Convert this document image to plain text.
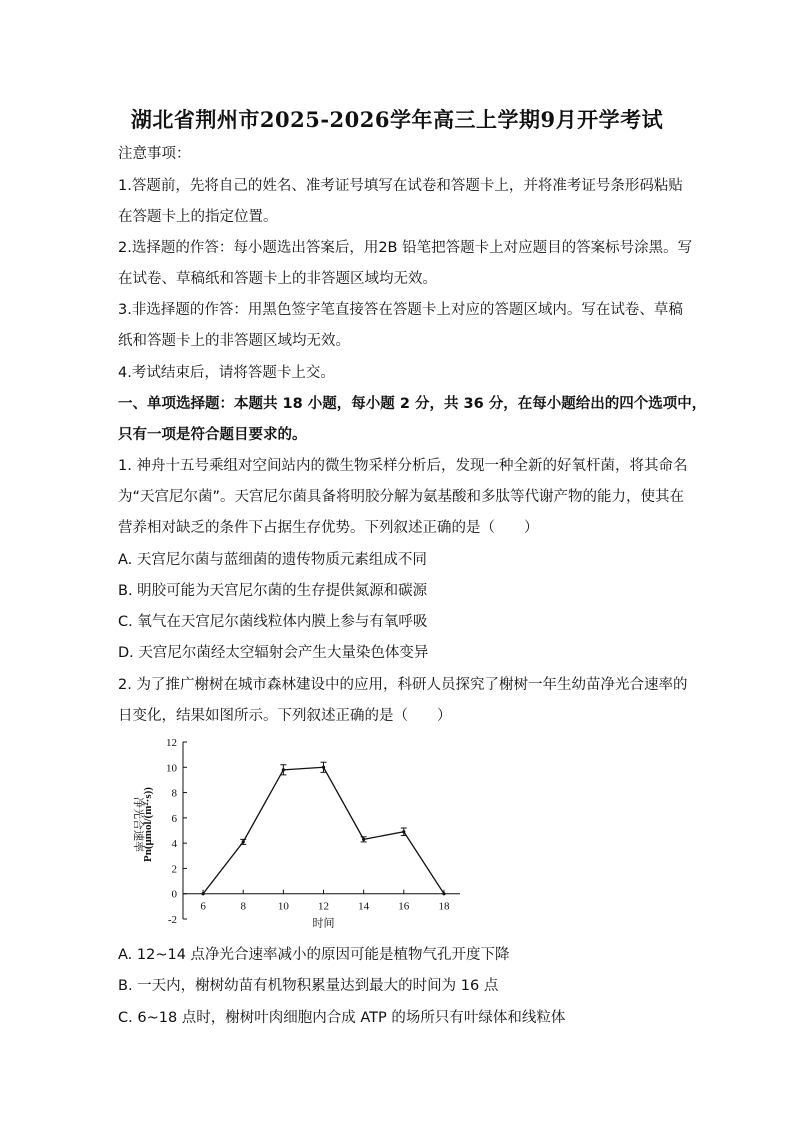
湖北省荆州市2025-2026学年高三上学期9月开学考试
注意事项：
1.答题前，先将自己的姓名、准考证号填写在试卷和答题卡上，并将准考证号条形码粘贴
在答题卡上的指定位置。
2.选择题的作答：每小题选出答案后，用2B 铅笔把答题卡上对应题目的答案标号涂黑。写
在试卷、草稿纸和答题卡上的非答题区域均无效。
3.非选择题的作答：用黑色签字笔直接答在答题卡上对应的答题区域内。写在试卷、草稿
纸和答题卡上的非答题区域均无效。
4.考试结束后，请将答题卡上交。
一、单项选择题：本题共 18 小题，每小题 2 分，共 36 分，在每小题给出的四个选项中，
只有一项是符合题目要求的。
1. 神舟十五号乘组对空间站内的微生物采样分析后，发现一种全新的好氧杆菌，将其命名
为“天宫尼尔菌”。天宫尼尔菌具备将明胶分解为氨基酸和多肽等代谢产物的能力，使其在
营养相对缺乏的条件下占据生存优势。下列叙述正确的是（　　）
A. 天宫尼尔菌与蓝细菌的遗传物质元素组成不同
B. 明胶可能为天宫尼尔菌的生存提供氮源和碳源
C. 氧气在天宫尼尔菌线粒体内膜上参与有氧呼吸
D. 天宫尼尔菌经太空辐射会产生大量染色体变异
2. 为了推广榭树在城市森林建设中的应用，科研人员探究了榭树一年生幼苗净光合速率的
日变化，结果如图所示。下列叙述正确的是（　　）
-2
0
2
4
6
8
10
12
6	8	10	12	14	16	18
时间
净光合速率
Pn(μmol/(m²·s))
A. 12~14 点净光合速率减小的原因可能是植物气孔开度下降
B. 一天内，榭树幼苗有机物积累量达到最大的时间为 16 点
C. 6~18 点时，榭树叶肉细胞内合成 ATP 的场所只有叶绿体和线粒体
